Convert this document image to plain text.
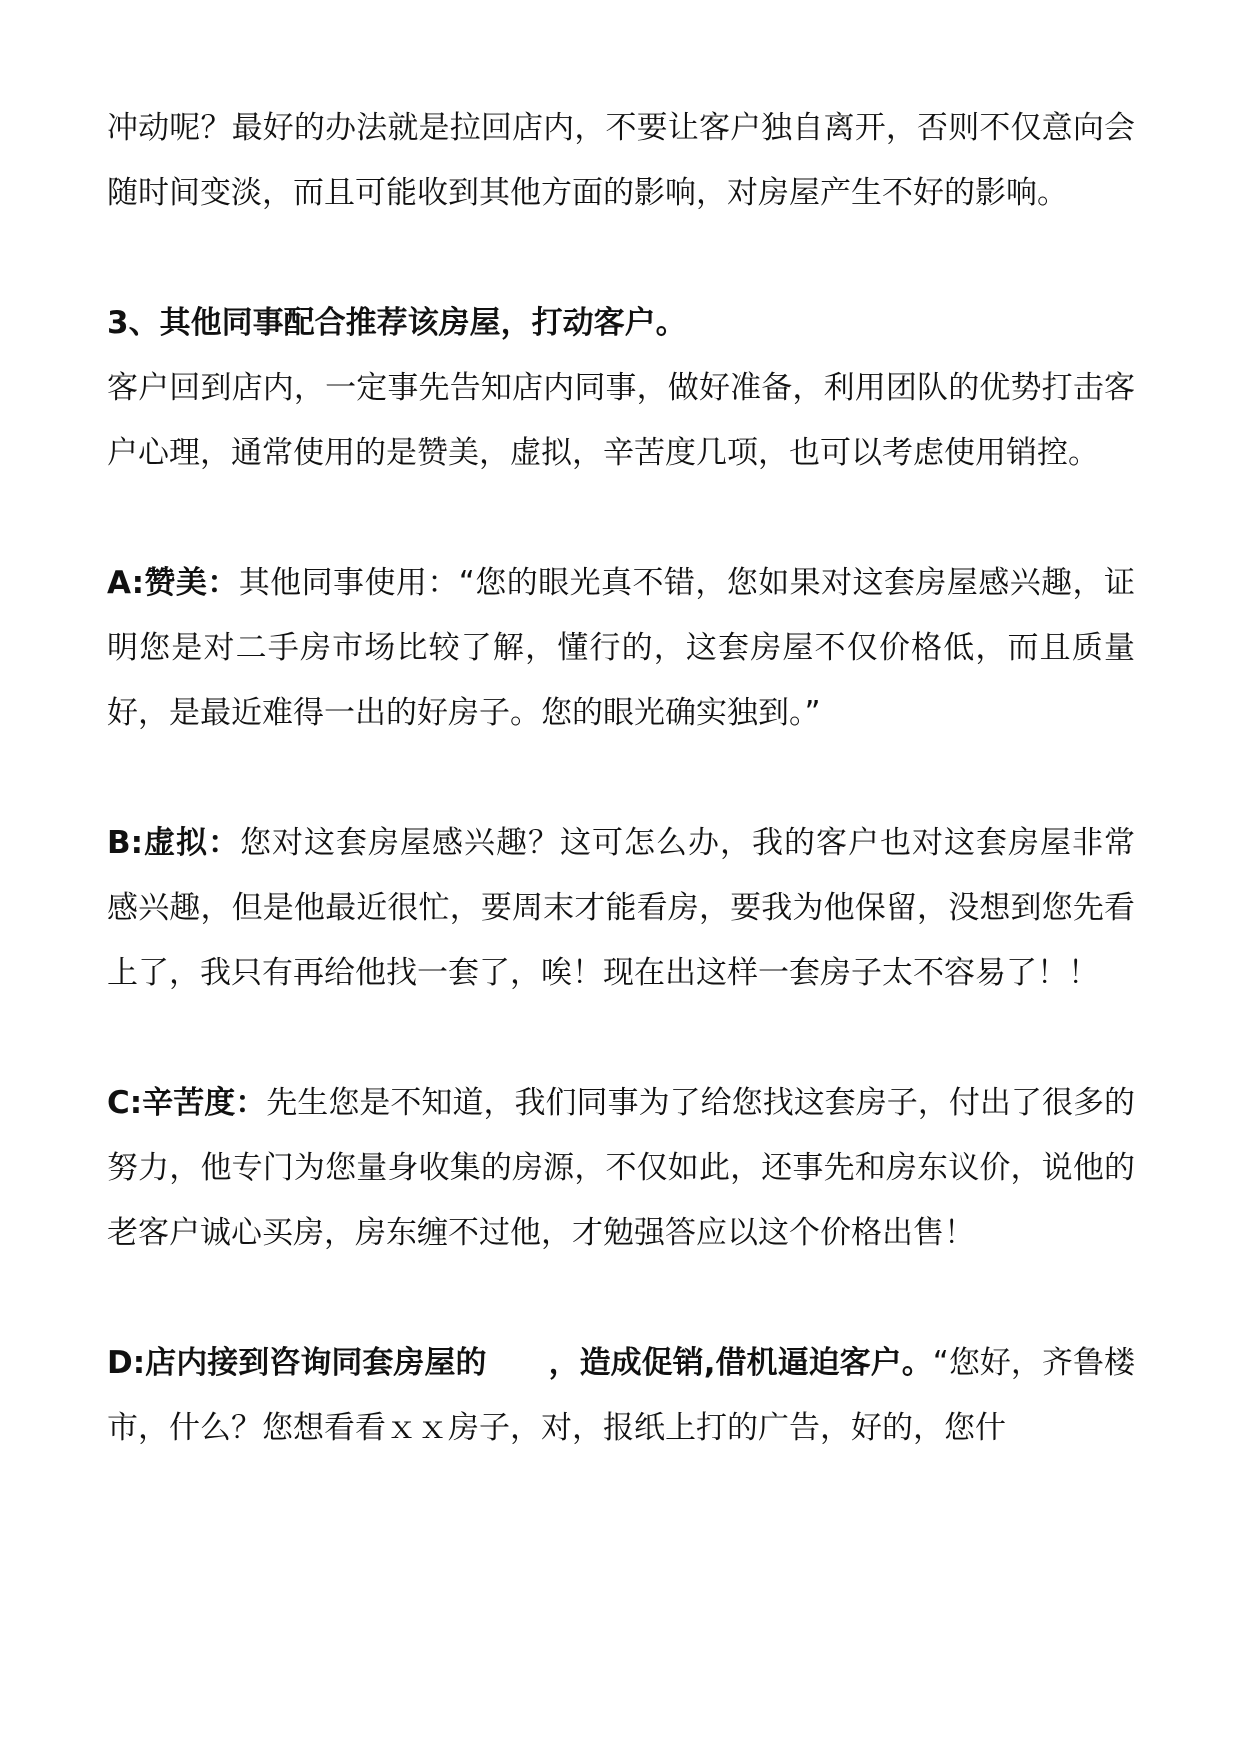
冲动呢？最好的办法就是拉回店内，不要让客户独自离开，否则不仅意向会随时间变淡，而且可能收到其他方面的影响，对房屋产生不好的影响。

3、其他同事配合推荐该房屋，打动客户。

客户回到店内，一定事先告知店内同事，做好准备，利用团队的优势打击客户心理，通常使用的是赞美，虚拟，辛苦度几项，也可以考虑使用销控。

A:赞美：其他同事使用：“您的眼光真不错，您如果对这套房屋感兴趣，证明您是对二手房市场比较了解，懂行的，这套房屋不仅价格低，而且质量好，是最近难得一出的好房子。您的眼光确实独到。”

B:虚拟：您对这套房屋感兴趣？这可怎么办，我的客户也对这套房屋非常感兴趣，但是他最近很忙，要周末才能看房，要我为他保留，没想到您先看上了，我只有再给他找一套了，唉！现在出这样一套房子太不容易了！！

C:辛苦度：先生您是不知道，我们同事为了给您找这套房子，付出了很多的努力，他专门为您量身收集的房源，不仅如此，还事先和房东议价，说他的老客户诚心买房，房东缠不过他，才勉强答应以这个价格出售！

D:店内接到咨询同套房屋的　　，造成促销,借机逼迫客户。“您好，齐鲁楼市，什么？您想看看ｘｘ房子，对，报纸上打的广告，好的，您什
